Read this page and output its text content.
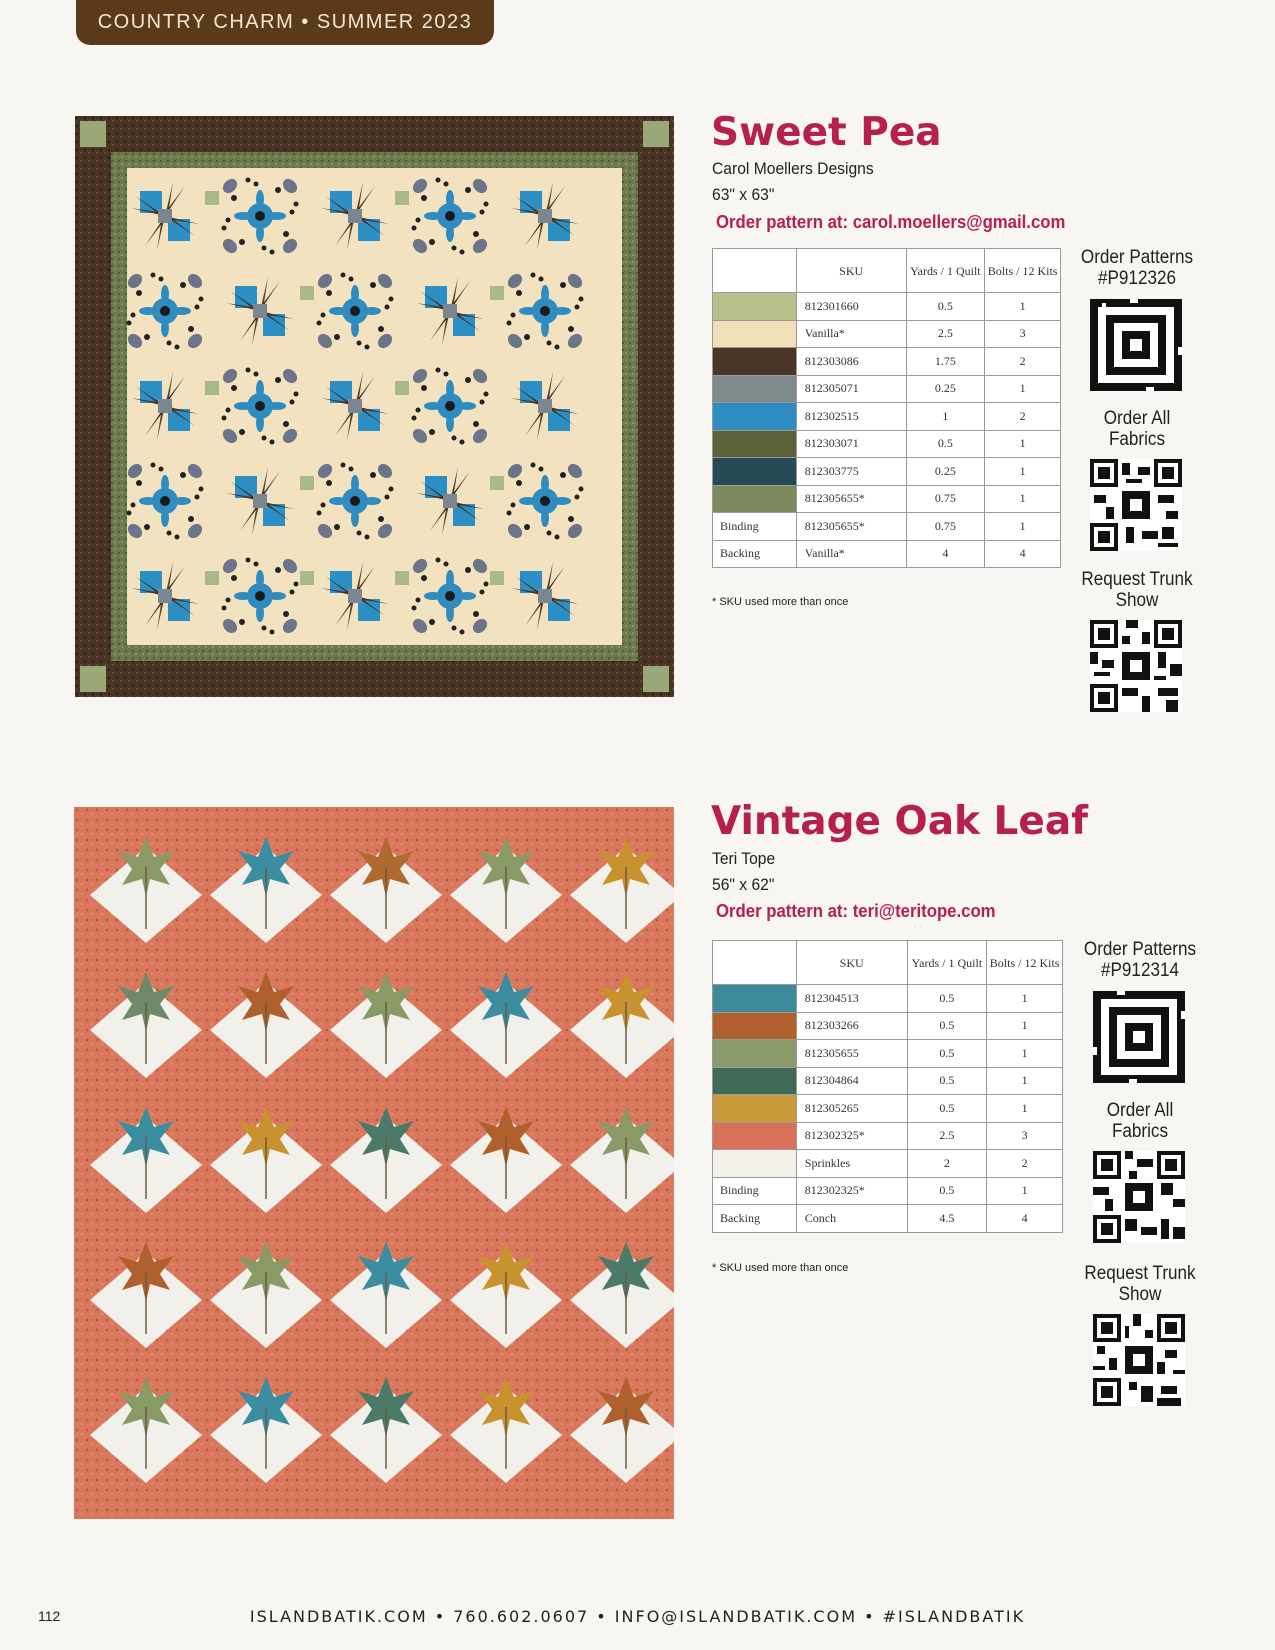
COUNTRY CHARM • SUMMER 2023
Sweet Pea
Carol Moellers Designs
63" x 63"
Order pattern at: carol.moellers@gmail.com
	SKU	Yards / 1 Quilt	Bolts / 12 Kits
	812301660	0.5	1
	Vanilla*	2.5	3
	812303086	1.75	2
	812305071	0.25	1
	812302515	1	2
	812303071	0.5	1
	812303775	0.25	1
	812305655*	0.75	1
Binding	812305655*	0.75	1
Backing	Vanilla*	4	4
* SKU used more than once
Order Patterns
#P912326
Order All Fabrics
Request Trunk Show
Vintage Oak Leaf
Teri Tope
56" x 62"
Order pattern at: teri@teritope.com
	SKU	Yards / 1 Quilt	Bolts / 12 Kits
	812304513	0.5	1
	812303266	0.5	1
	812305655	0.5	1
	812304864	0.5	1
	812305265	0.5	1
	812302325*	2.5	3
	Sprinkles	2	2
Binding	812302325*	0.5	1
Backing	Conch	4.5	4
* SKU used more than once
Order Patterns
#P912314
Order All Fabrics
Request Trunk Show
112	ISLANDBATIK.COM • 760.602.0607 • INFO@ISLANDBATIK.COM • #ISLANDBATIK
